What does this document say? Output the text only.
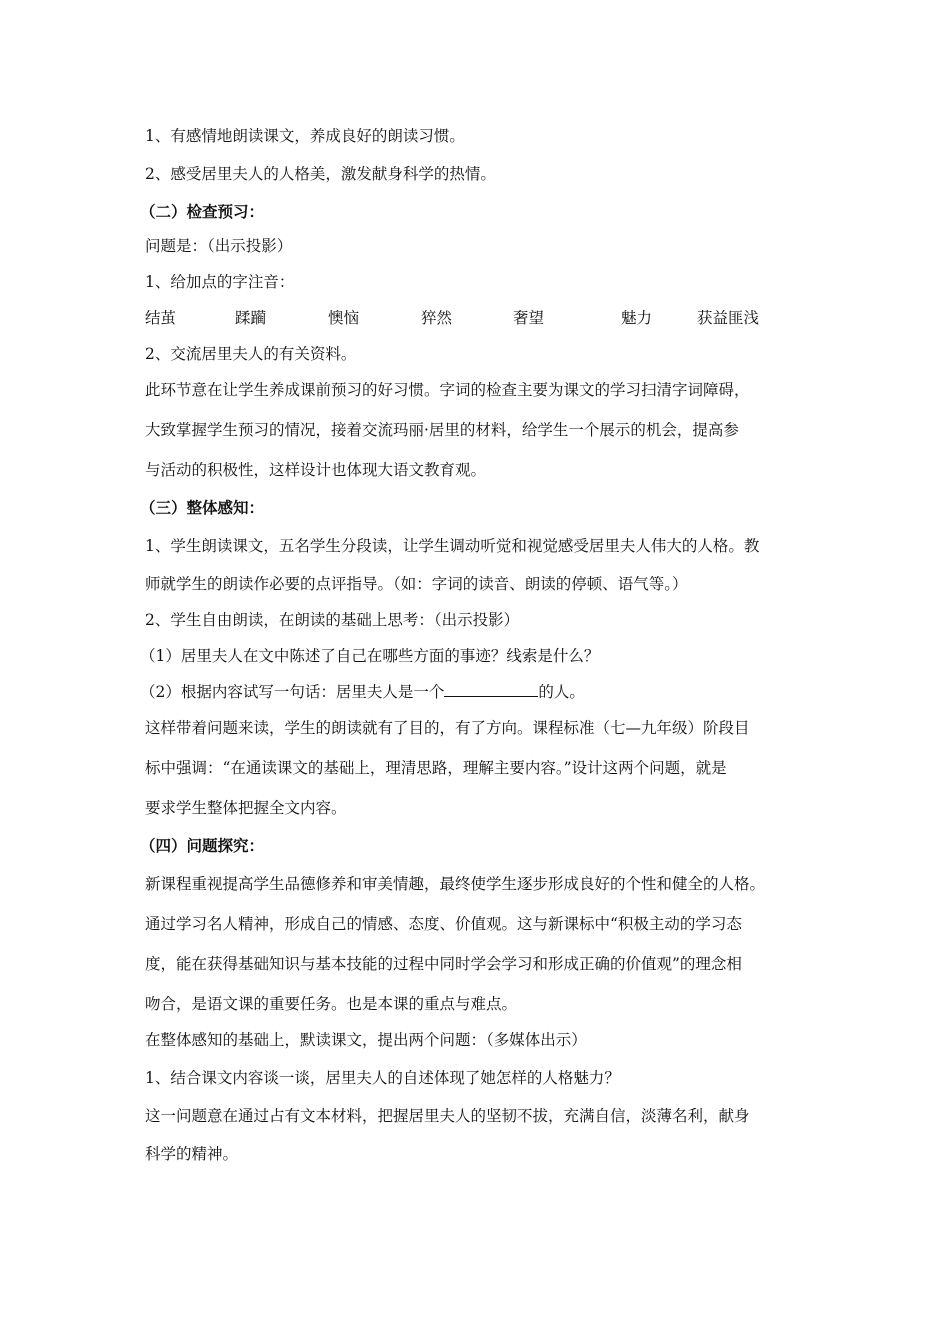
1、有感情地朗读课文，养成良好的朗读习惯。
2、感受居里夫人的人格美，激发献身科学的热情。
（二）检查预习：
问题是：（出示投影）
1、给加点的字注音：
结茧	蹂躏	懊恼	猝然	奢望	魅力	获益匪浅
2、交流居里夫人的有关资料。
此环节意在让学生养成课前预习的好习惯。字词的检查主要为课文的学习扫清字词障碍，
大致掌握学生预习的情况，接着交流玛丽·居里的材料，给学生一个展示的机会，提高参
与活动的积极性，这样设计也体现大语文教育观。
（三）整体感知：
1、学生朗读课文，五名学生分段读，让学生调动听觉和视觉感受居里夫人伟大的人格。教
师就学生的朗读作必要的点评指导。（如：字词的读音、朗读的停顿、语气等。）
2、学生自由朗读，在朗读的基础上思考：（出示投影）
（1）居里夫人在文中陈述了自己在哪些方面的事迹？线索是什么？
（2）根据内容试写一句话：居里夫人是一个	的人。
这样带着问题来读，学生的朗读就有了目的，有了方向。课程标准（七—九年级）阶段目
标中强调：“在通读课文的基础上，理清思路，理解主要内容。”设计这两个问题，就是
要求学生整体把握全文内容。
（四）问题探究：
新课程重视提高学生品德修养和审美情趣，最终使学生逐步形成良好的个性和健全的人格。
通过学习名人精神，形成自己的情感、态度、价值观。这与新课标中“积极主动的学习态
度，能在获得基础知识与基本技能的过程中同时学会学习和形成正确的价值观”的理念相
吻合，是语文课的重要任务。也是本课的重点与难点。
在整体感知的基础上，默读课文，提出两个问题：（多媒体出示）
1、结合课文内容谈一谈，居里夫人的自述体现了她怎样的人格魅力？
这一问题意在通过占有文本材料，把握居里夫人的坚韧不拔，充满自信，淡薄名利，献身
科学的精神。
